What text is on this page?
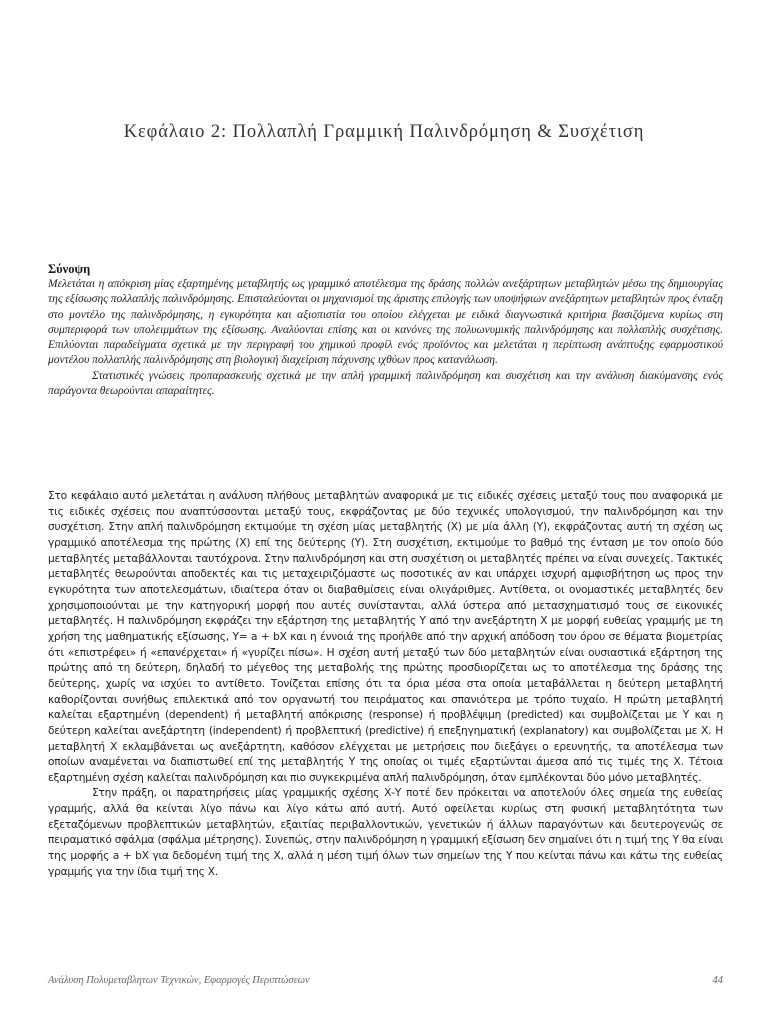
Κεφάλαιο 2: Πολλαπλή Γραμμική Παλινδρόμηση & Συσχέτιση

Σύνοψη

Μελετάται η απόκριση μίας εξαρτημένης μεταβλητής ως γραμμικό αποτέλεσμα της δράσης πολλών ανεξάρτητων μεταβλητών μέσω της δημιουργίας της εξίσωσης πολλαπλής παλινδρόμησης. Επισταλεύονται οι μηχανισμοί της άριστης επιλογής των υποψήφιων ανεξάρτητων μεταβλητών προς ένταξη στο μοντέλο της παλινδρόμησης, η εγκυρότητα και αξιοπιστία του οποίου ελέγχεται με ειδικά διαγνωστικά κριτήρια βασιζόμενα κυρίως στη συμπεριφορά των υπολειμμάτων της εξίσωσης. Αναλύονται επίσης και οι κανόνες της πολυωνυμικής παλινδρόμησης και πολλαπλής συσχέτισης. Επιλύονται παραδείγματα σχετικά με την περιγραφή του χημικού προφίλ ενός προϊόντος και μελετάται η περίπτωση ανάπτυξης εφαρμοστικού μοντέλου πολλαπλής παλινδρόμησης στη βιολογική διαχείριση πάχυνσης ιχθύων προς κατανάλωση.

Στατιστικές γνώσεις προπαρασκευής σχετικά με την απλή γραμμική παλινδρόμηση και συσχέτιση και την ανάλυση διακύμανσης ενός παράγοντα θεωρούνται απαραίτητες.

Στο κεφάλαιο αυτό μελετάται η ανάλυση πλήθους μεταβλητών αναφορικά με τις ειδικές σχέσεις μεταξύ τους που αναφορικά με τις ειδικές σχέσεις που αναπτύσσονται μεταξύ τους, εκφράζοντας με δύο τεχνικές υπολογισμού, την παλινδρόμηση και την συσχέτιση. Στην απλή παλινδρόμηση εκτιμούμε τη σχέση μίας μεταβλητής (Χ) με μία άλλη (Υ), εκφράζοντας αυτή τη σχέση ως γραμμικό αποτέλεσμα της πρώτης (Χ) επί της δεύτερης (Υ). Στη συσχέτιση, εκτιμούμε το βαθμό της ένταση με τον οποίο δύο μεταβλητές μεταβάλλονται ταυτόχρονα. Στην παλινδρόμηση και στη συσχέτιση οι μεταβλητές πρέπει να είναι συνεχείς. Τακτικές μεταβλητές θεωρούνται αποδεκτές και τις μεταχειριζόμαστε ως ποσοτικές αν και υπάρχει ισχυρή αμφισβήτηση ως προς την εγκυρότητα των αποτελεσμάτων, ιδιαίτερα όταν οι διαβαθμίσεις είναι ολιγάριθμες. Αντίθετα, οι ονομαστικές μεταβλητές δεν χρησιμοποιούνται με την κατηγορική μορφή που αυτές συνίστανται, αλλά ύστερα από μετασχηματισμό τους σε εικονικές μεταβλητές. Η παλινδρόμηση εκφράζει την εξάρτηση της μεταβλητής Υ από την ανεξάρτητη Χ με μορφή ευθείας γραμμής με τη χρήση της μαθηματικής εξίσωσης, Υ= a + bΧ και η έννοιά της προήλθε από την αρχική απόδοση του όρου σε θέματα βιομετρίας ότι «επιστρέφει» ή «επανέρχεται» ή «γυρίζει πίσω». Η σχέση αυτή μεταξύ των δύο μεταβλητών είναι ουσιαστικά εξάρτηση της πρώτης από τη δεύτερη, δηλαδή το μέγεθος της μεταβολής της πρώτης προσδιορίζεται ως το αποτέλεσμα της δράσης της δεύτερης, χωρίς να ισχύει το αντίθετο. Τονίζεται επίσης ότι τα όρια μέσα στα οποία μεταβάλλεται η δεύτερη μεταβλητή καθορίζονται συνήθως επιλεκτικά από τον οργανωτή του πειράματος και σπανιότερα με τρόπο τυχαίο. Η πρώτη μεταβλητή καλείται εξαρτημένη (dependent) ή μεταβλητή απόκρισης (response) ή προβλέψιμη (predicted) και συμβολίζεται με Υ και η δεύτερη καλείται ανεξάρτητη (independent) ή προβλεπτική (predictive) ή επεξηγηματική (explanatory) και συμβολίζεται με Χ. Η μεταβλητή Χ εκλαμβάνεται ως ανεξάρτητη, καθόσον ελέγχεται με μετρήσεις που διεξάγει ο ερευνητής, τα αποτέλεσμα των οποίων αναμένεται να διαπιστωθεί επί της μεταβλητής Υ της οποίας οι τιμές εξαρτώνται άμεσα από τις τιμές της Χ. Τέτοια εξαρτημένη σχέση καλείται παλινδρόμηση και πιο συγκεκριμένα απλή παλινδρόμηση, όταν εμπλέκονται δύο μόνο μεταβλητές.

Στην πράξη, οι παρατηρήσεις μίας γραμμικής σχέσης Χ-Υ ποτέ δεν πρόκειται να αποτελούν όλες σημεία της ευθείας γραμμής, αλλά θα κείνται λίγο πάνω και λίγο κάτω από αυτή. Αυτό οφείλεται κυρίως στη φυσική μεταβλητότητα των εξεταζόμενων προβλεπτικών μεταβλητών, εξαιτίας περιβαλλοντικών, γενετικών ή άλλων παραγόντων και δευτερογενώς σε πειραματικό σφάλμα (σφάλμα μέτρησης). Συνεπώς, στην παλινδρόμηση η γραμμική εξίσωση δεν σημαίνει ότι η τιμή της Υ θα είναι της μορφής a + bΧ για δεδομένη τιμή της Χ, αλλά η μέση τιμή όλων των σημείων της Υ που κείνται πάνω και κάτω της ευθείας γραμμής για την ίδια τιμή της Χ.

Ανάλυση Πολυμεταβλητων Τεχνικών, Εφαρμογές Περιπτώσεων	44
